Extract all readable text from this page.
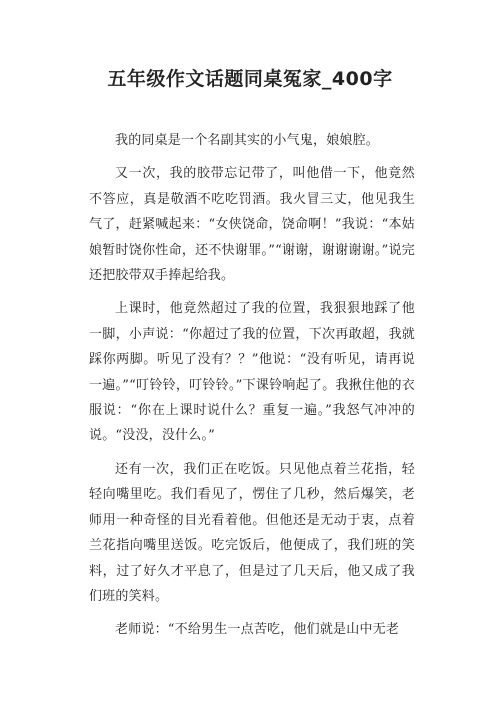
五年级作文话题同桌冤家_400字

我的同桌是一个名副其实的小气鬼，娘娘腔。

又一次，我的胶带忘记带了，叫他借一下，他竟然不答应，真是敬酒不吃吃罚酒。我火冒三丈，他见我生气了，赶紧喊起来：“女侠饶命，饶命啊！”我说：“本姑娘暂时饶你性命，还不快谢罪。”“谢谢，谢谢谢谢。”说完还把胶带双手捧起给我。

上课时，他竟然超过了我的位置，我狠狠地踩了他一脚，小声说：“你超过了我的位置，下次再敢超，我就踩你两脚。听见了没有？？”他说：“没有听见，请再说一遍。”“叮铃铃，叮铃铃。”下课铃响起了。我揪住他的衣服说：“你在上课时说什么？重复一遍。”我怒气冲冲的说。“没没，没什么。”

还有一次，我们正在吃饭。只见他点着兰花指，轻轻向嘴里吃。我们看见了，愣住了几秒，然后爆笑，老师用一种奇怪的目光看着他。但他还是无动于衷，点着兰花指向嘴里送饭。吃完饭后，他便成了，我们班的笑料，过了好久才平息了，但是过了几天后，他又成了我们班的笑料。

老师说：“不给男生一点苦吃，他们就是山中无老
